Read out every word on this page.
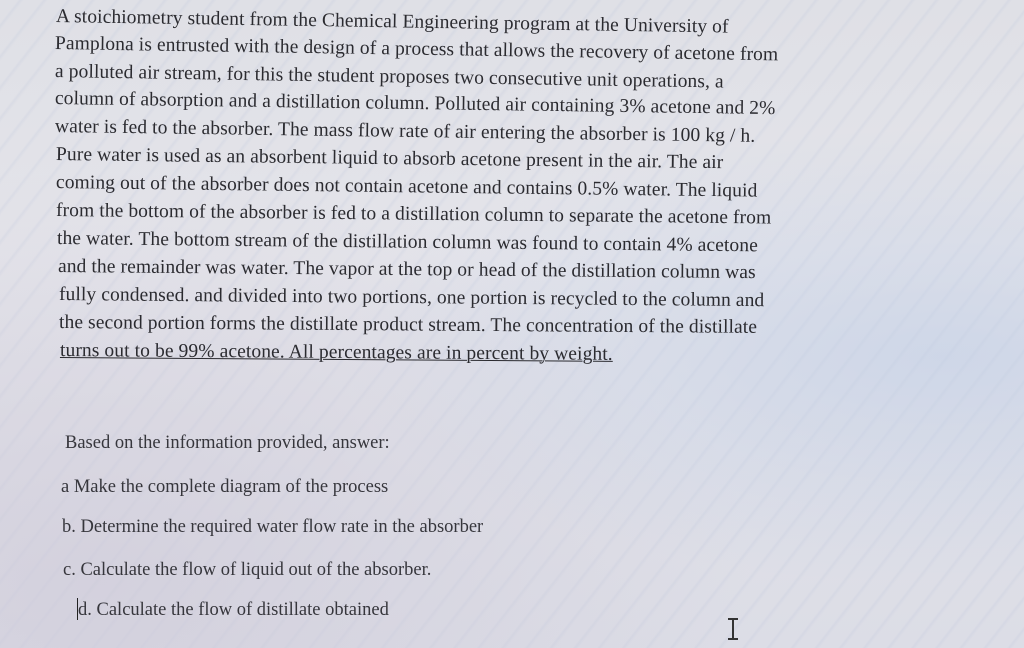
A stoichiometry student from the Chemical Engineering program at the University of
Pamplona is entrusted with the design of a process that allows the recovery of acetone from
a polluted air stream, for this the student proposes two consecutive unit operations, a
column of absorption and a distillation column. Polluted air containing 3% acetone and 2%
water is fed to the absorber. The mass flow rate of air entering the absorber is 100 kg / h.
Pure water is used as an absorbent liquid to absorb acetone present in the air. The air
coming out of the absorber does not contain acetone and contains 0.5% water. The liquid
from the bottom of the absorber is fed to a distillation column to separate the acetone from
the water. The bottom stream of the distillation column was found to contain 4% acetone
and the remainder was water. The vapor at the top or head of the distillation column was
fully condensed. and divided into two portions, one portion is recycled to the column and
the second portion forms the distillate product stream. The concentration of the distillate
turns out to be 99% acetone. All percentages are in percent by weight.
Based on the information provided, answer:
a Make the complete diagram of the process
b. Determine the required water flow rate in the absorber
c. Calculate the flow of liquid out of the absorber.
d. Calculate the flow of distillate obtained
